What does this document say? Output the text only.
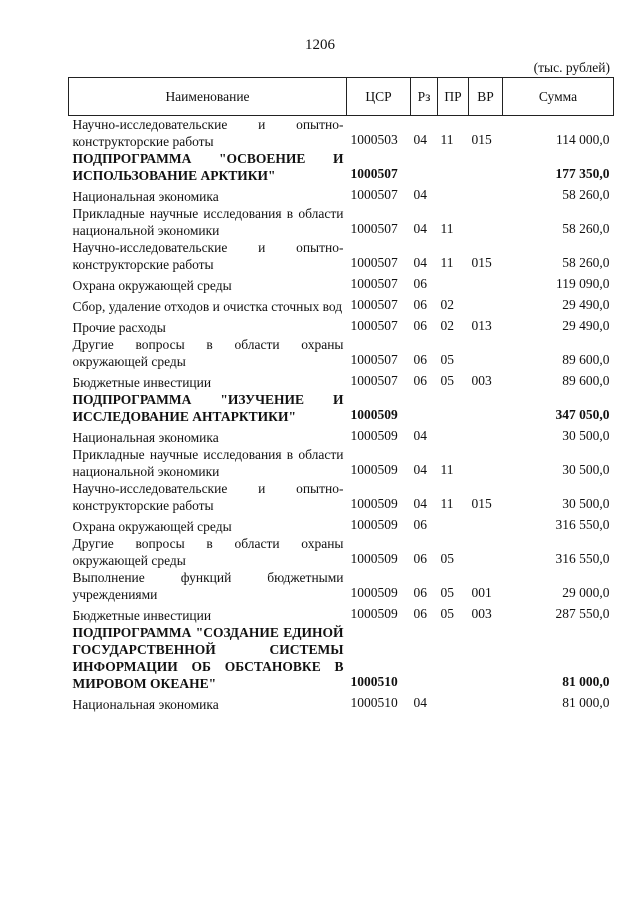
1206
(тыс. рублей)
Наименование	ЦСР	Рз	ПР	ВР	Сумма
Научно-исследовательские и опытно-конструкторские работы	1000503	04	11	015	114 000,0
ПОДПРОГРАММА "ОСВОЕНИЕ И ИСПОЛЬЗОВАНИЕ АРКТИКИ"	1000507				177 350,0
Национальная экономика	1000507	04			58 260,0
Прикладные научные исследования в области национальной экономики	1000507	04	11		58 260,0
Научно-исследовательские и опытно-конструкторские работы	1000507	04	11	015	58 260,0
Охрана окружающей среды	1000507	06			119 090,0
Сбор, удаление отходов и очистка сточных вод	1000507	06	02		29 490,0
Прочие расходы	1000507	06	02	013	29 490,0
Другие вопросы в области охраны окружающей среды	1000507	06	05		89 600,0
Бюджетные инвестиции	1000507	06	05	003	89 600,0
ПОДПРОГРАММА "ИЗУЧЕНИЕ И ИССЛЕДОВАНИЕ АНТАРКТИКИ"	1000509				347 050,0
Национальная экономика	1000509	04			30 500,0
Прикладные научные исследования в области национальной экономики	1000509	04	11		30 500,0
Научно-исследовательские и опытно-конструкторские работы	1000509	04	11	015	30 500,0
Охрана окружающей среды	1000509	06			316 550,0
Другие вопросы в области охраны окружающей среды	1000509	06	05		316 550,0
Выполнение функций бюджетными учреждениями	1000509	06	05	001	29 000,0
Бюджетные инвестиции	1000509	06	05	003	287 550,0
ПОДПРОГРАММА "СОЗДАНИЕ ЕДИНОЙ ГОСУДАРСТВЕННОЙ СИСТЕМЫ ИНФОРМАЦИИ ОБ ОБСТАНОВКЕ В МИРОВОМ ОКЕАНЕ"	1000510				81 000,0
Национальная экономика	1000510	04			81 000,0
